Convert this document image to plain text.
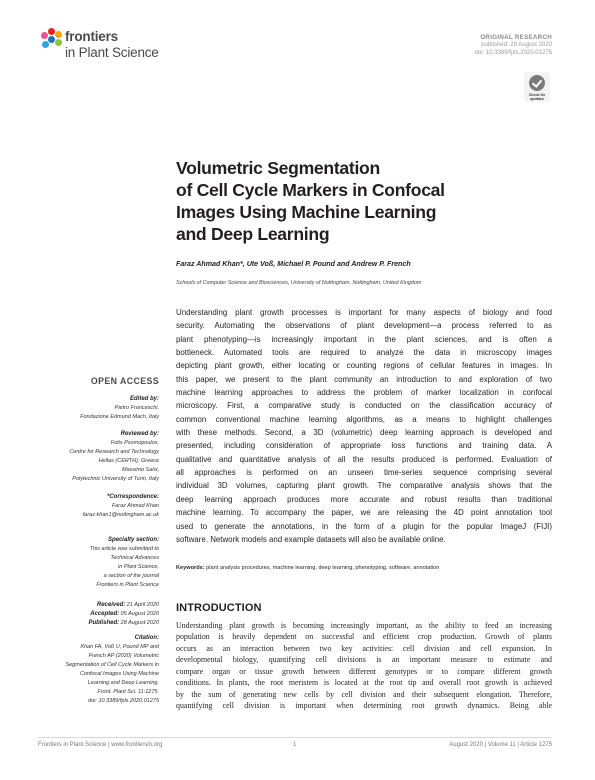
frontiers
in Plant Science
ORIGINAL RESEARCH
published: 28 August 2020
doi: 10.3389/fpls.2020.01275
Check for
updates
Volumetric Segmentation
of Cell Cycle Markers in Confocal
Images Using Machine Learning
and Deep Learning
Faraz Ahmad Khan*, Ute Voß, Michael P. Pound and Andrew P. French
Schools of Computer Science and Biosciences, University of Nottingham, Nottingham, United Kingdom
Understanding plant growth processes is important for many aspects of biology and food
security. Automating the observations of plant development—a process referred to as
plant phenotyping—is increasingly important in the plant sciences, and is often a
bottleneck. Automated tools are required to analyze the data in microscopy images
depicting plant growth, either locating or counting regions of cellular features in images. In
this paper, we present to the plant community an introduction to and exploration of two
machine learning approaches to address the problem of marker localization in confocal
microscopy. First, a comparative study is conducted on the classification accuracy of
common conventional machine learning algorithms, as a means to highlight challenges
with these methods. Second, a 3D (volumetric) deep learning approach is developed and
presented, including consideration of appropriate loss functions and training data. A
qualitative and quantitative analysis of all the results produced is performed. Evaluation of
all approaches is performed on an unseen time-series sequence comprising several
individual 3D volumes, capturing plant growth. The comparative analysis shows that the
deep learning approach produces more accurate and robust results than traditional
machine learning. To accompany the paper, we are releasing the 4D point annotation tool
used to generate the annotations, in the form of a plugin for the popular ImageJ (FIJI)
software. Network models and example datasets will also be available online.
Keywords: plant analysis procedures, machine learning, deep learning, phenotyping, software, annotation
INTRODUCTION
Understanding plant growth is becoming increasingly important, as the ability to feed an increasing
population is heavily dependent on successful and efficient crop production. Growth of plants
occurs as an interaction between two key activities: cell division and cell expansion. In
developmental biology, quantifying cell divisions is an important measure to estimate and
compare organ or tissue growth between different genotypes or to compare different growth
conditions. In plants, the root meristem is located at the root tip and overall root growth is achieved
by the sum of generating new cells by cell division and their subsequent elongation. Therefore,
quantifying cell division is important when determining root growth dynamics. Being able
OPEN ACCESS
Edited by:
Pietro Franceschi,
Fondazione Edmund Mach, Italy
Reviewed by:
Fotis Psomopoulos,
Centre for Research and Technology
Hellas (CERTH), Greece
Massimo Salvi,
Polytechnic University of Turin, Italy
*Correspondence:
Faraz Ahmad Khan
faraz.khan1@nottingham.ac.uk
Specialty section:
This article was submitted to
Technical Advances
in Plant Science,
a section of the journal
Frontiers in Plant Science
Received: 21 April 2020
Accepted: 05 August 2020
Published: 28 August 2020
Citation:
Khan FA, Voß U, Pound MP and
French AP (2020) Volumetric
Segmentation of Cell Cycle Markers in
Confocal Images Using Machine
Learning and Deep Learning.
Front. Plant Sci. 11:1275.
doi: 10.3389/fpls.2020.01275
Frontiers in Plant Science | www.frontiersin.org	1	August 2020 | Volume 11 | Article 1275
